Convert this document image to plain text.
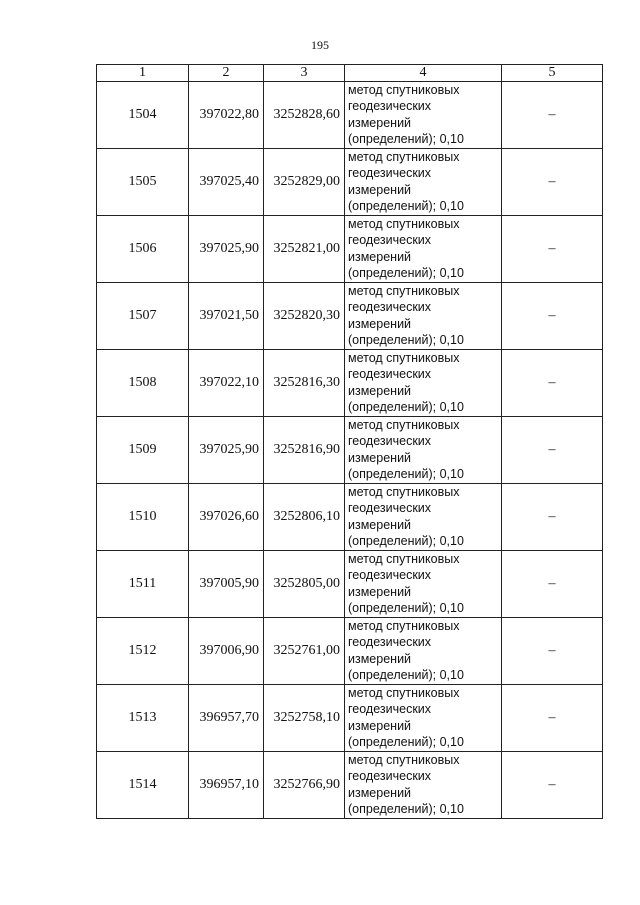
195
1	2	3	4	5
1504	397022,80	3252828,60	метод спутниковых
геодезических
измерений
(определений); 0,10	–
1505	397025,40	3252829,00	метод спутниковых
геодезических
измерений
(определений); 0,10	–
1506	397025,90	3252821,00	метод спутниковых
геодезических
измерений
(определений); 0,10	–
1507	397021,50	3252820,30	метод спутниковых
геодезических
измерений
(определений); 0,10	–
1508	397022,10	3252816,30	метод спутниковых
геодезических
измерений
(определений); 0,10	–
1509	397025,90	3252816,90	метод спутниковых
геодезических
измерений
(определений); 0,10	–
1510	397026,60	3252806,10	метод спутниковых
геодезических
измерений
(определений); 0,10	–
1511	397005,90	3252805,00	метод спутниковых
геодезических
измерений
(определений); 0,10	–
1512	397006,90	3252761,00	метод спутниковых
геодезических
измерений
(определений); 0,10	–
1513	396957,70	3252758,10	метод спутниковых
геодезических
измерений
(определений); 0,10	–
1514	396957,10	3252766,90	метод спутниковых
геодезических
измерений
(определений); 0,10	–
